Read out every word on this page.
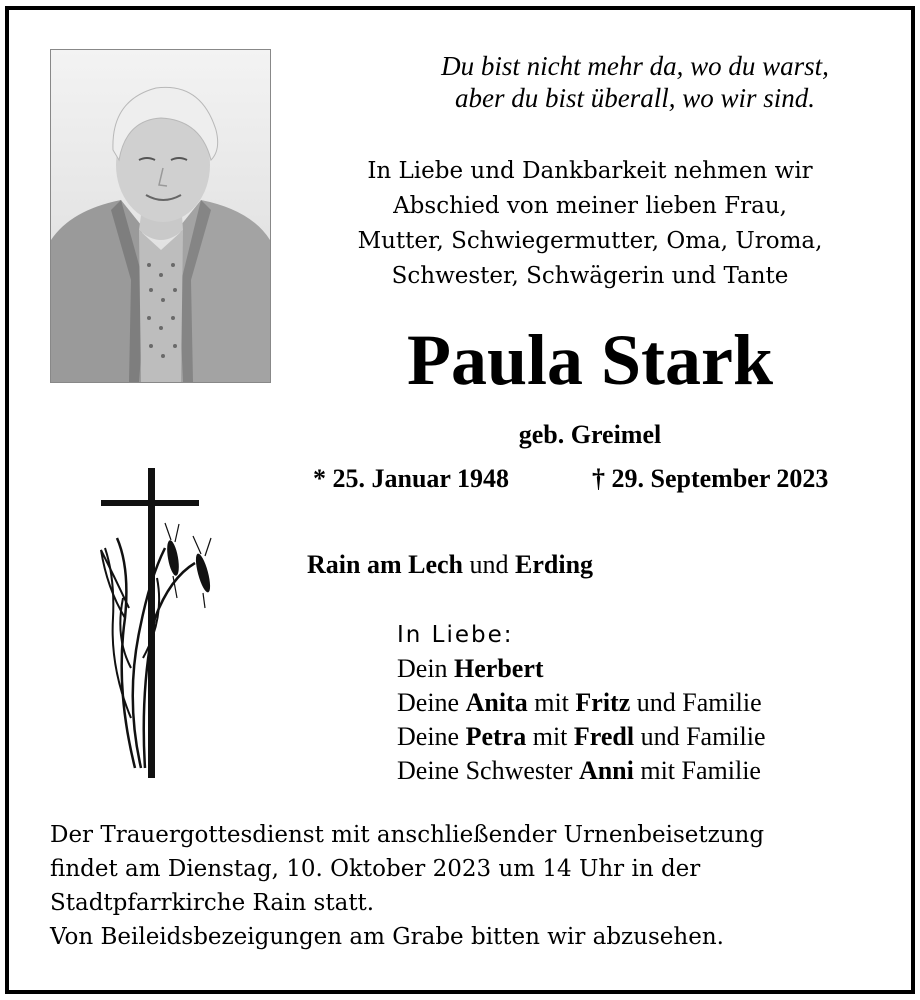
Du bist nicht mehr da, wo du warst,
aber du bist überall, wo wir sind.
In Liebe und Dankbarkeit nehmen wir
Abschied von meiner lieben Frau,
Mutter, Schwiegermutter, Oma, Uroma,
Schwester, Schwägerin und Tante
Paula Stark
geb. Greimel
* 25. Januar 1948	† 29. September 2023
Rain am Lech und Erding
In Liebe:
Dein Herbert
Deine Anita mit Fritz und Familie
Deine Petra mit Fredl und Familie
Deine Schwester Anni mit Familie
Der Trauergottesdienst mit anschließender Urnenbeisetzung
findet am Dienstag, 10. Oktober 2023 um 14 Uhr in der
Stadtpfarrkirche Rain statt.
Von Beileidsbezeigungen am Grabe bitten wir abzusehen.
